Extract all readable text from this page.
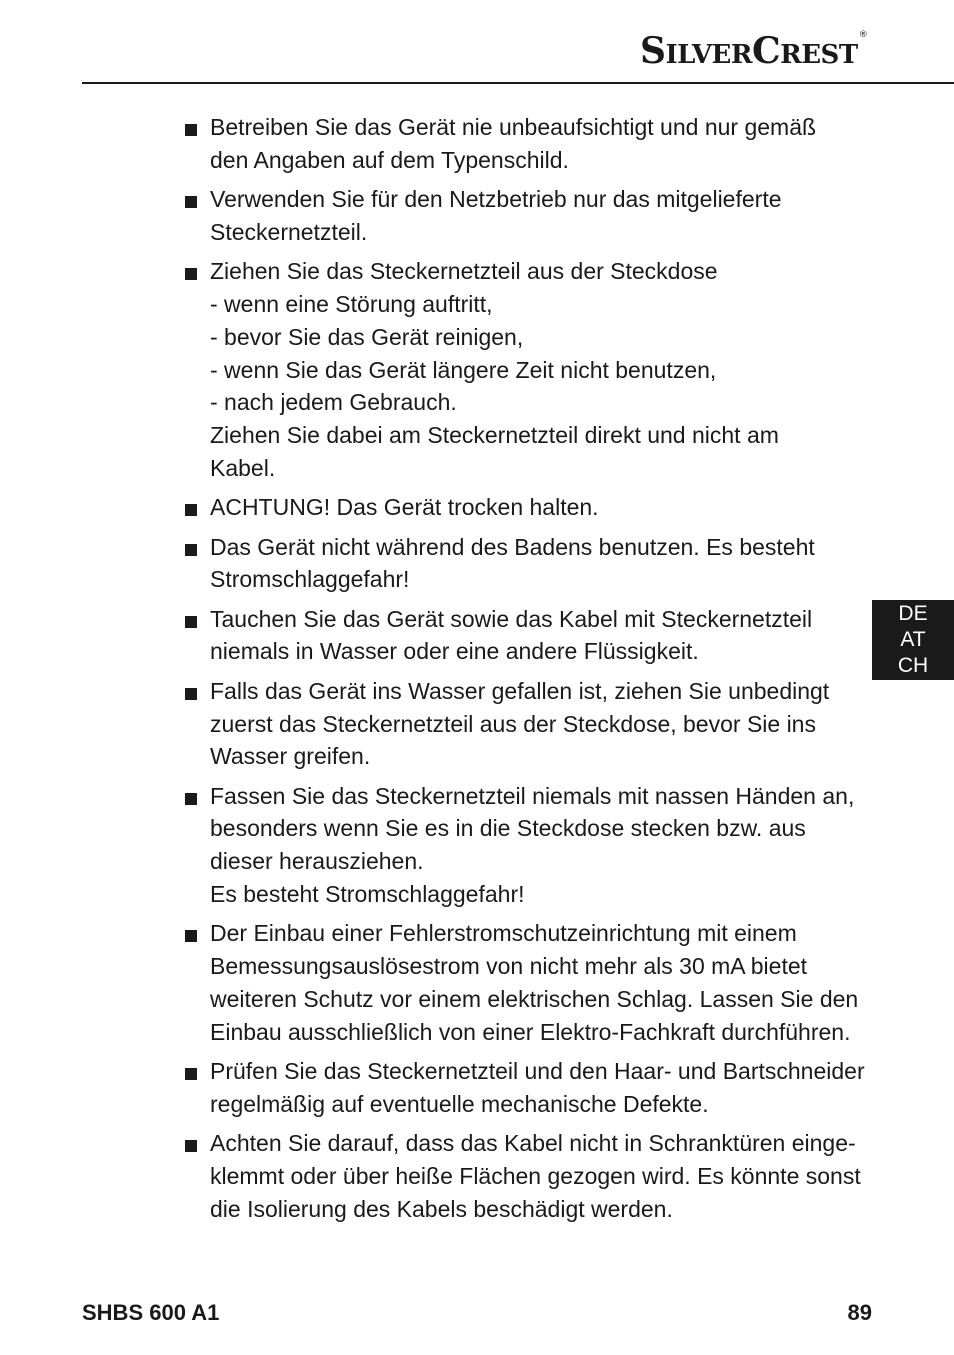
SILVERCREST®
Betreiben Sie das Gerät nie unbeaufsichtigt und nur gemäß
den Angaben auf dem Typenschild.
Verwenden Sie für den Netzbetrieb nur das mitgelieferte
Steckernetzteil.
Ziehen Sie das Steckernetzteil aus der Steckdose
- wenn eine Störung auftritt,
- bevor Sie das Gerät reinigen,
- wenn Sie das Gerät längere Zeit nicht benutzen,
- nach jedem Gebrauch.
Ziehen Sie dabei am Steckernetzteil direkt und nicht am
Kabel.
ACHTUNG! Das Gerät trocken halten.
Das Gerät nicht während des Badens benutzen. Es besteht
Stromschlaggefahr!
Tauchen Sie das Gerät sowie das Kabel mit Steckernetzteil
niemals in Wasser oder eine andere Flüssigkeit.
Falls das Gerät ins Wasser gefallen ist, ziehen Sie unbedingt
zuerst das Steckernetzteil aus der Steckdose, bevor Sie ins
Wasser greifen.
Fassen Sie das Steckernetzteil niemals mit nassen Händen an,
besonders wenn Sie es in die Steckdose stecken bzw. aus
dieser herausziehen.
Es besteht Stromschlaggefahr!
Der Einbau einer Fehlerstromschutzeinrichtung mit einem
Bemessungsauslösestrom von nicht mehr als 30 mA bietet
weiteren Schutz vor einem elektrischen Schlag. Lassen Sie den
Einbau ausschließlich von einer Elektro-Fachkraft durchführen.
Prüfen Sie das Steckernetzteil und den Haar- und Bartschneider
regelmäßig auf eventuelle mechanische Defekte.
Achten Sie darauf, dass das Kabel nicht in Schranktüren einge-
klemmt oder über heiße Flächen gezogen wird. Es könnte sonst
die Isolierung des Kabels beschädigt werden.
DE
AT
CH
SHBS 600 A1	89
